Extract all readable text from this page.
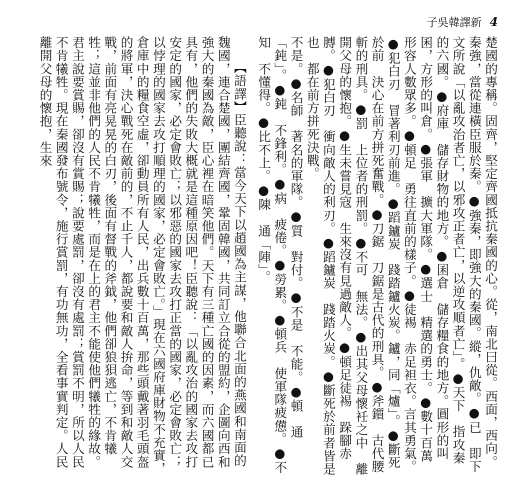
子吳韓譯新 4

楚國的專稱。固齊，堅定齊國抵抗秦國的心。從，南北曰從。西面，西向。秦強，當從連橫臣服於秦。●強秦，即強大的秦國。縱，仇敵。●已　即下文所說「以亂攻治者亡，以邪攻正者亡，以逆攻順者亡」。●天下　指攻秦的六國。●府庫　儲存財物的地方。●囷倉　儲存糧食的地方。圓形的叫囷，方形的叫倉。●張軍　擴大軍隊。●選士　精選的勇士。●數十百萬　形容人數眾多。●頓足　勇往直前的樣子。●徒裼　赤足袒衣。言其勇氣。●犯白刃　冒著利刃前進。●蹈鑪炭　踐踏鑪火炭。鑪，同「爐」。●斷死於前　決心在前方拼死奮戰。●刀鋸　刀鋸是古代的刑具。●斧鑕　古代腰斬的刑具。●罰　上位者的刑罰。●不可　無法。●出其父母懷衽之中　離開父母的懷抱。●生未嘗見寇　生來沒有見過敵人。●頓足徒裼　跺腳赤膊。●犯白刃　衝向敵人的利刃。●蹈鑪炭　踐踏火炭。●斷死於前者皆是也　都在前方拼死決戰。

不是。●名師　著名的軍隊。●質　對付。●不是　不能。●頓　通「鈍」。●鈍　不鋒利。●病　疲倦。●勞累。●頓兵　使軍隊疲憊。●不知　不懂得。●比不上。●陳　通「陣」。

【語譯】臣聽說：當今天下以趙國為主謀，他聯合北面的燕國和南面的魏國，連合楚國，團結齊國，鞏固韓國，共同訂立合從的盟約，企圖向西和強大的秦國為敵，臣心裡在暗笑他們。天下有三種亡國的因素，而六國都已具有，他們的失敗大概就是這種原因吧！臣聽說：「以亂攻治的國家去攻打安定的國家，必定會敗亡；以邪惡的國家去攻打正當的國家，必定會敗亡；以悖理的國家去攻打順理的國家，必定會敗亡。」現在六國府庫財物不充實，倉庫中的糧食空虛，卻動員所有人民，出兵數十百萬，那些頭戴著羽毛頭盔的將軍，決心戰死在敵前的，不止千人，都說要和敵人拚命，等到和敵人交戰，前面有亮晃晃的白刃，後面有督戰的斧鉞，他們卻狼狽逃亡，不肯犧牲；這並非他們的人民不肯犧牲，而是在上的君主不能使他們犧牲的緣故。君主說要賞賜，卻沒有賞賜；說要處罰，卻沒有處罰；賞罰不明，所以人民不肯犧牲。現在秦國發布號令，施行賞罰，有功無功，全看事實判定。人民離開父母的懷抱，生來
